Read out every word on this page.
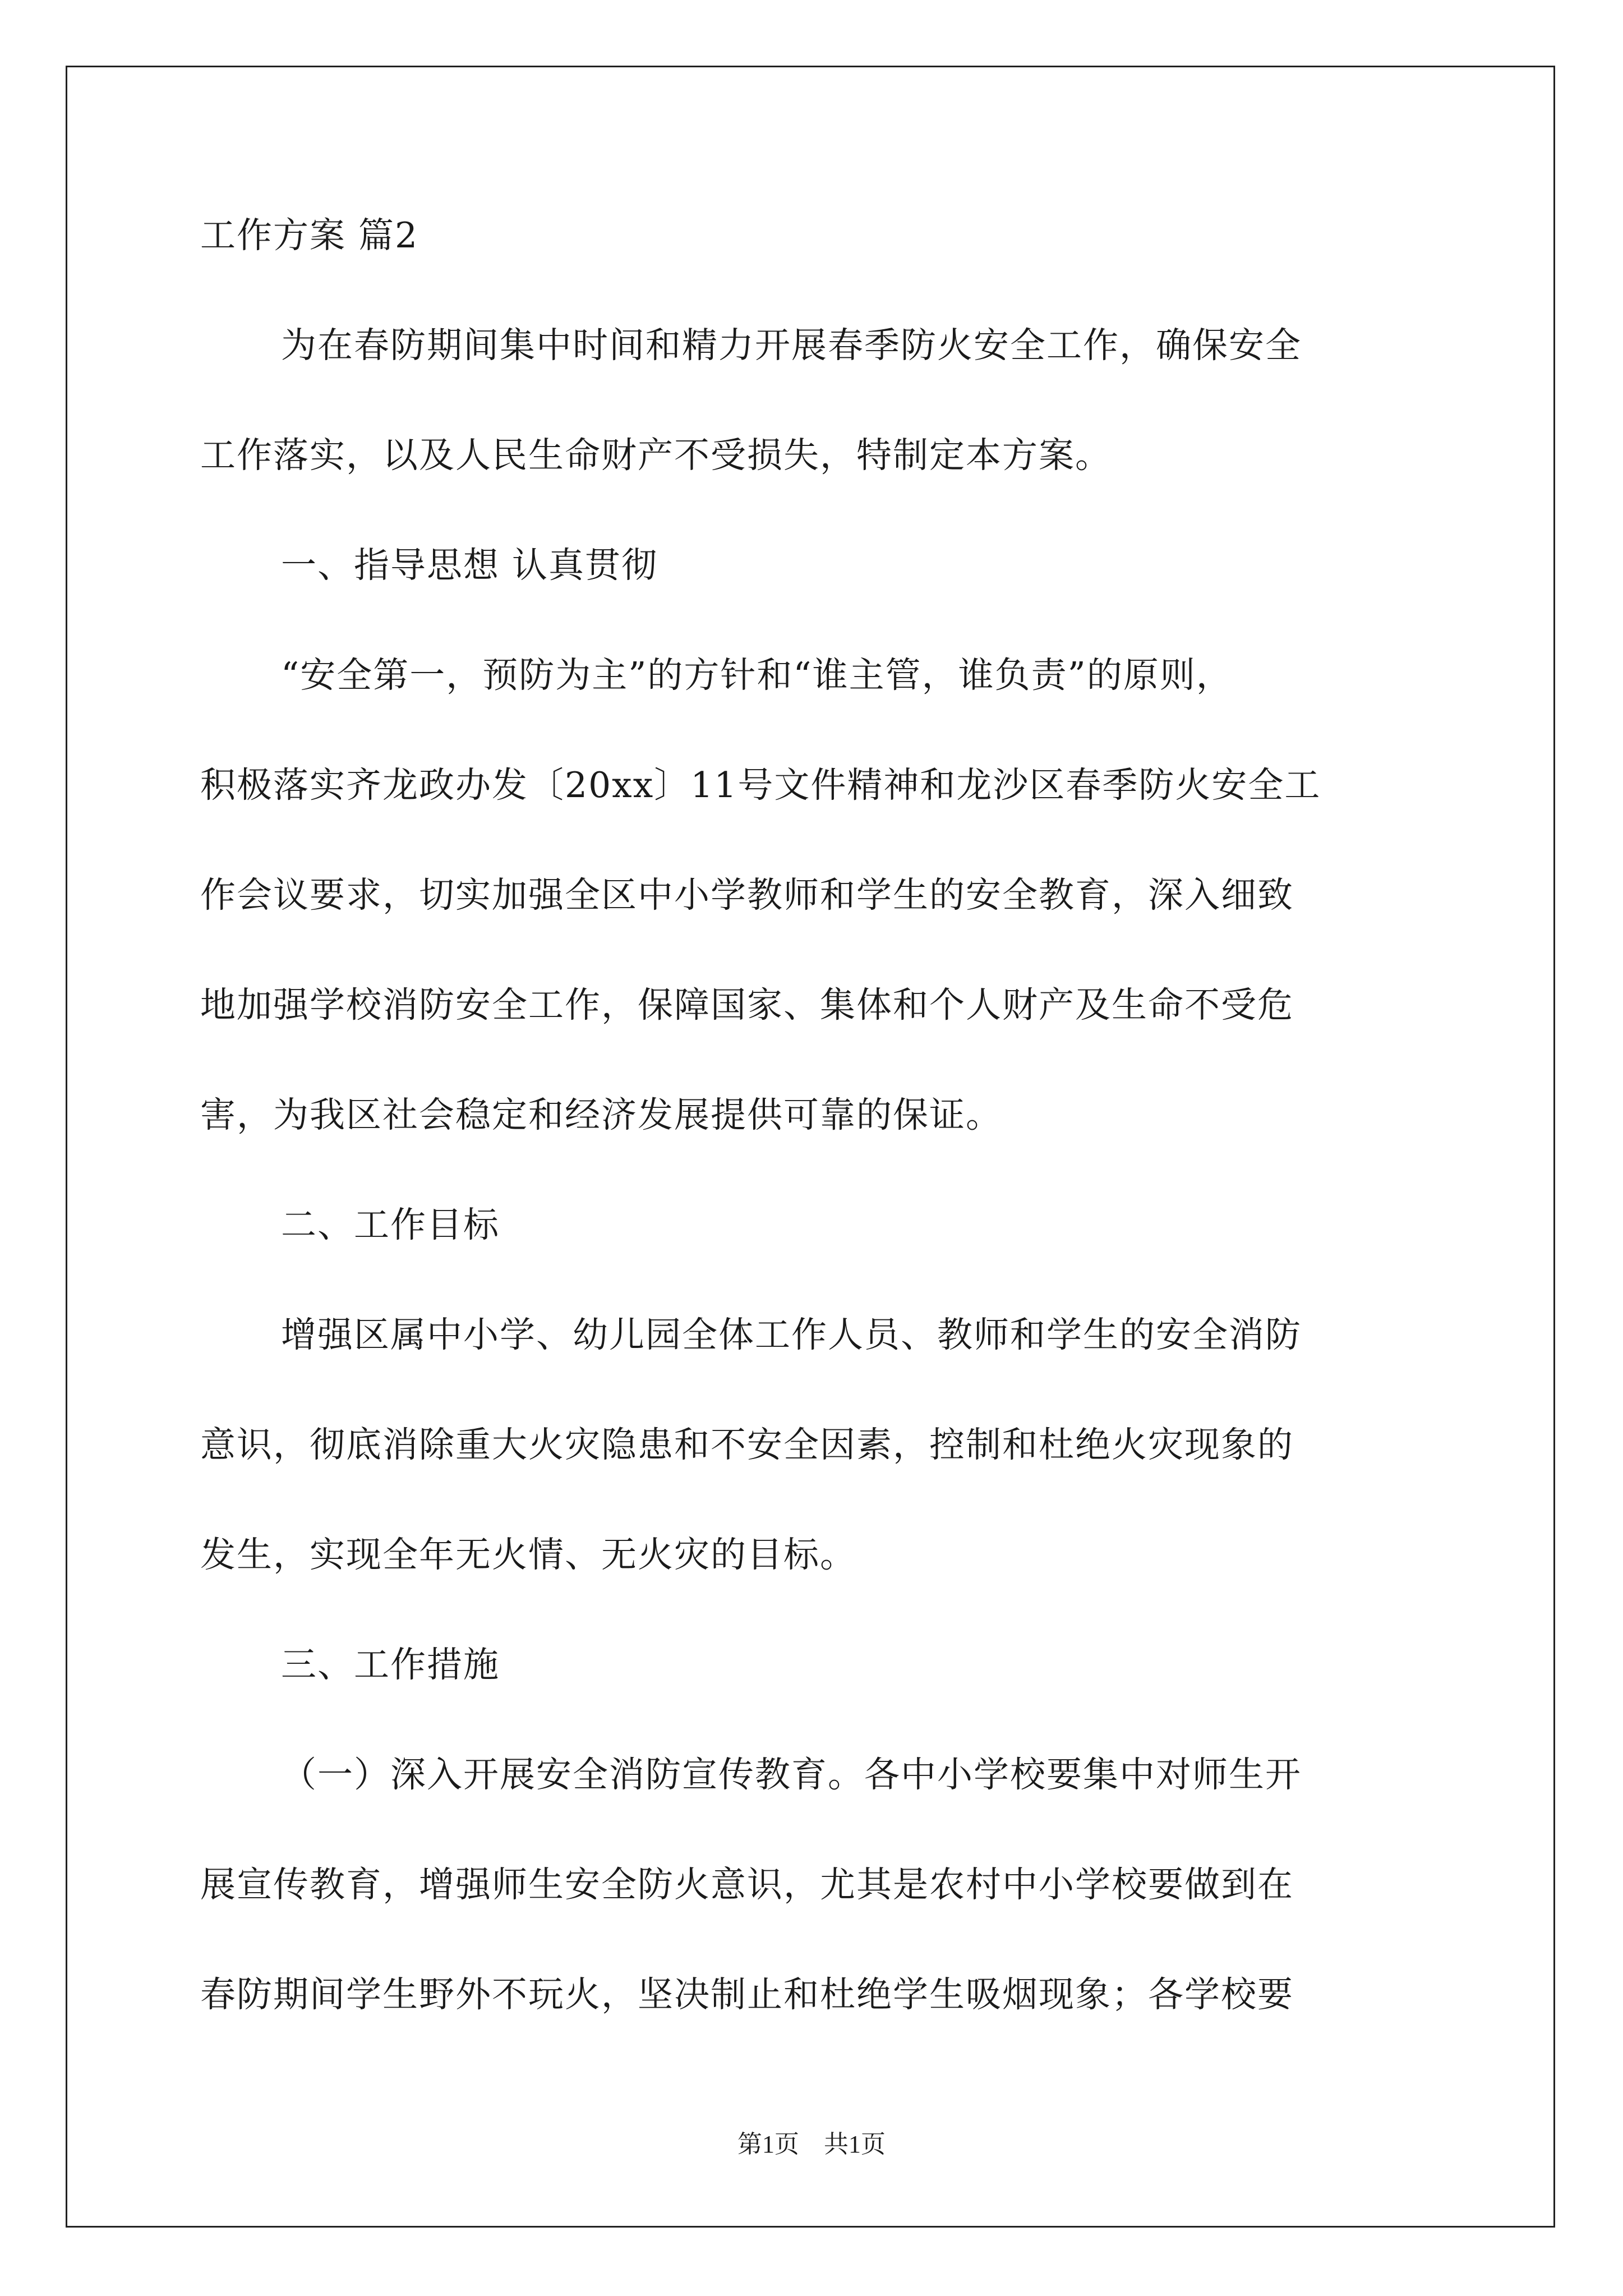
工作方案 篇2
为在春防期间集中时间和精力开展春季防火安全工作，确保安全
工作落实，以及人民生命财产不受损失，特制定本方案。
一、指导思想 认真贯彻
“安全第一，预防为主”的方针和“谁主管，谁负责”的原则，
积极落实齐龙政办发〔20xx〕11号文件精神和龙沙区春季防火安全工
作会议要求，切实加强全区中小学教师和学生的安全教育，深入细致
地加强学校消防安全工作，保障国家、集体和个人财产及生命不受危
害，为我区社会稳定和经济发展提供可靠的保证。
二、工作目标
增强区属中小学、幼儿园全体工作人员、教师和学生的安全消防
意识，彻底消除重大火灾隐患和不安全因素，控制和杜绝火灾现象的
发生，实现全年无火情、无火灾的目标。
三、工作措施
（一）深入开展安全消防宣传教育。各中小学校要集中对师生开
展宣传教育，增强师生安全防火意识，尤其是农村中小学校要做到在
春防期间学生野外不玩火，坚决制止和杜绝学生吸烟现象；各学校要
第1页　共1页
